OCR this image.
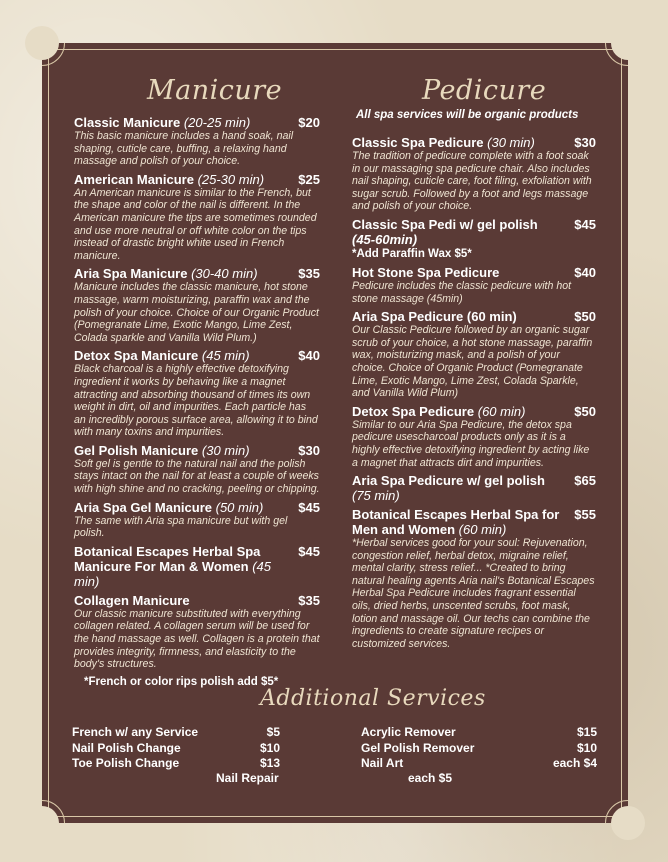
Manicure	Pedicure
All spa services will be organic products
Classic Manicure (20-25 min)	$20
This basic manicure includes a hand soak, nail shaping, cuticle care, buffing, a relaxing hand massage and polish of your choice.
American Manicure (25-30 min)	$25
An American manicure is similar to the French, but the shape and color of the nail is different. In the American manicure the tips are sometimes rounded and use more neutral or off white color on the tips instead of drastic bright white used in French manicure.
Aria Spa Manicure (30-40 min)	$35
Manicure includes the classic manicure, hot stone massage, warm moisturizing, paraffin wax and the polish of your choice. Choice of our Organic Product (Pomegranate Lime, Exotic Mango, Lime Zest, Colada sparkle and Vanilla Wild Plum.)
Detox Spa Manicure (45 min)	$40
Black charcoal is a highly effective detoxifying ingredient it works by behaving like a magnet attracting and absorbing thousand of times its own weight in dirt, oil and impurities. Each particle has an incredibly porous surface area, allowing it to bind with many toxins and impurities.
Gel Polish Manicure (30 min)	$30
Soft gel is gentle to the natural nail and the polish stays intact on the nail for at least a couple of weeks with high shine and no cracking, peeling or chipping.
Aria Spa Gel Manicure (50 min)	$45
The same with Aria spa manicure but with gel polish.
Botanical Escapes Herbal Spa Manicure For Man & Women (45 min)
$45
Collagen Manicure	$35
Our classic manicure substituted with everything collagen related. A collagen serum will be used for the hand massage as well. Collagen is a protein that provides integrity, firmness, and elasticity to the body's structures.
*French or color rips polish add $5*
Classic Spa Pedicure (30 min)	$30
The tradition of pedicure complete with a foot soak in our massaging spa pedicure chair. Also includes nail shaping, cuticle care, foot filing, exfoliation with sugar scrub. Followed by a foot and legs massage and polish of your choice.
Classic Spa Pedi w/ gel polish
(45-60min)
$45
*Add Paraffin Wax $5*
Hot Stone Spa Pedicure	$40
Pedicure includes the classic pedicure with hot stone massage (45min)
Aria Spa Pedicure (60 min)	$50
Our Classic Pedicure followed by an organic sugar scrub of your choice, a hot stone massage, paraffin wax, moisturizing mask, and a polish of your choice. Choice of Organic Product (Pomegranate Lime, Exotic Mango, Lime Zest, Colada Sparkle, and Vanilla Wild Plum)
Detox Spa Pedicure (60 min)	$50
Similar to our Aria Spa Pedicure, the detox spa pedicure usescharcoal products only as it is a highly effective detoxifying ingredient by acting like a magnet that attracts dirt and impurities.
Aria Spa Pedicure w/ gel polish
(75 min)
$65
Botanical Escapes Herbal Spa for Men and Women (60 min)
$55
*Herbal services good for your soul: Rejuvenation, congestion relief, herbal detox, migraine relief, mental clarity, stress relief... *Created to bring natural healing agents Aria nail's Botanical Escapes Herbal Spa Pedicure includes fragrant essential oils, dried herbs, unscented scrubs, foot mask, lotion and massage oil. Our techs can combine the ingredients to create signature recipes or customized services.
Additional Services
French w/ any Service	$5
Nail Polish Change	$10
Toe Polish Change	$13
Acrylic Remover	$15
Gel Polish Remover	$10
Nail Art	each $4
Nail Repair	each $5
